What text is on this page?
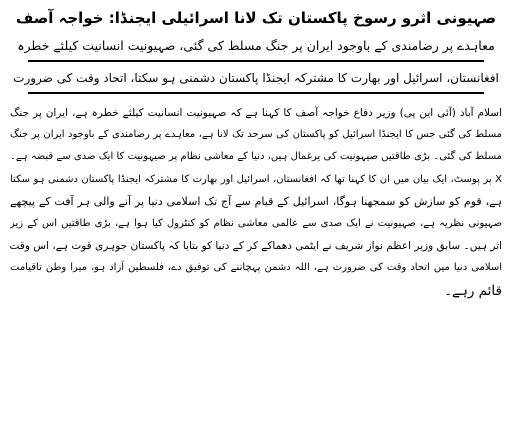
صہیونی اثرو رسوخ پاکستان تک لانا اسرائیلی ایجنڈا: خواجہ آصف
معاہدے پر رضامندی کے باوجود ایران پر جنگ مسلط کی گئی، صہیونیت انسانیت کیلئے خطرہ
افغانستان، اسرائیل اور بھارت کا مشترکہ ایجنڈا پاکستان دشمنی ہو سکتا، اتحاد وقت کی ضرورت
اسلام آباد (آئی این پی) وزیر دفاع خواجہ آصف کا کہنا ہے کہ صہیونیت انسانیت کیلئے خطرہ ہے، ایران پر جنگ
مسلط کی گئی جس کا ایجنڈا اسرائیل کو پاکستان کی سرحد تک لانا ہے، معاہدے پر رضامندی کے باوجود ایران پر جنگ
مسلط کی گئی۔ بڑی طاقتیں صیہونیت کی یرغمال ہیں، دنیا کے معاشی نظام پر صیہونیت کا ایک صدی سے قبضہ ہے۔
X پر پوسٹ، ایک بیان میں ان کا کہنا تھا کہ افغانستان، اسرائیل اور بھارت کا مشترکہ ایجنڈا پاکستان دشمنی ہو سکتا
ہے، قوم کو سازش کو سمجھنا ہوگا، اسرائیل کے قیام سے آج تک اسلامی دنیا پر آنے والی ہر آفت کے پیچھے
صہیونی نظریہ ہے، صہیونیت نے ایک صدی سے عالمی معاشی نظام کو کنٹرول کیا ہوا ہے، بڑی طاقتیں اس کے زیر
اثر ہیں۔ سابق وزیر اعظم نواز شریف نے ایٹمی دھماکے کر کے دنیا کو بتایا کہ پاکستان جوہری قوت ہے، اس وقت
اسلامی دنیا میں اتحاد وقت کی ضرورت ہے، اللہ دشمن پہچاننے کی توفیق دے، فلسطین آزاد ہو، میرا وطن تاقیامت
قائم رہے۔
